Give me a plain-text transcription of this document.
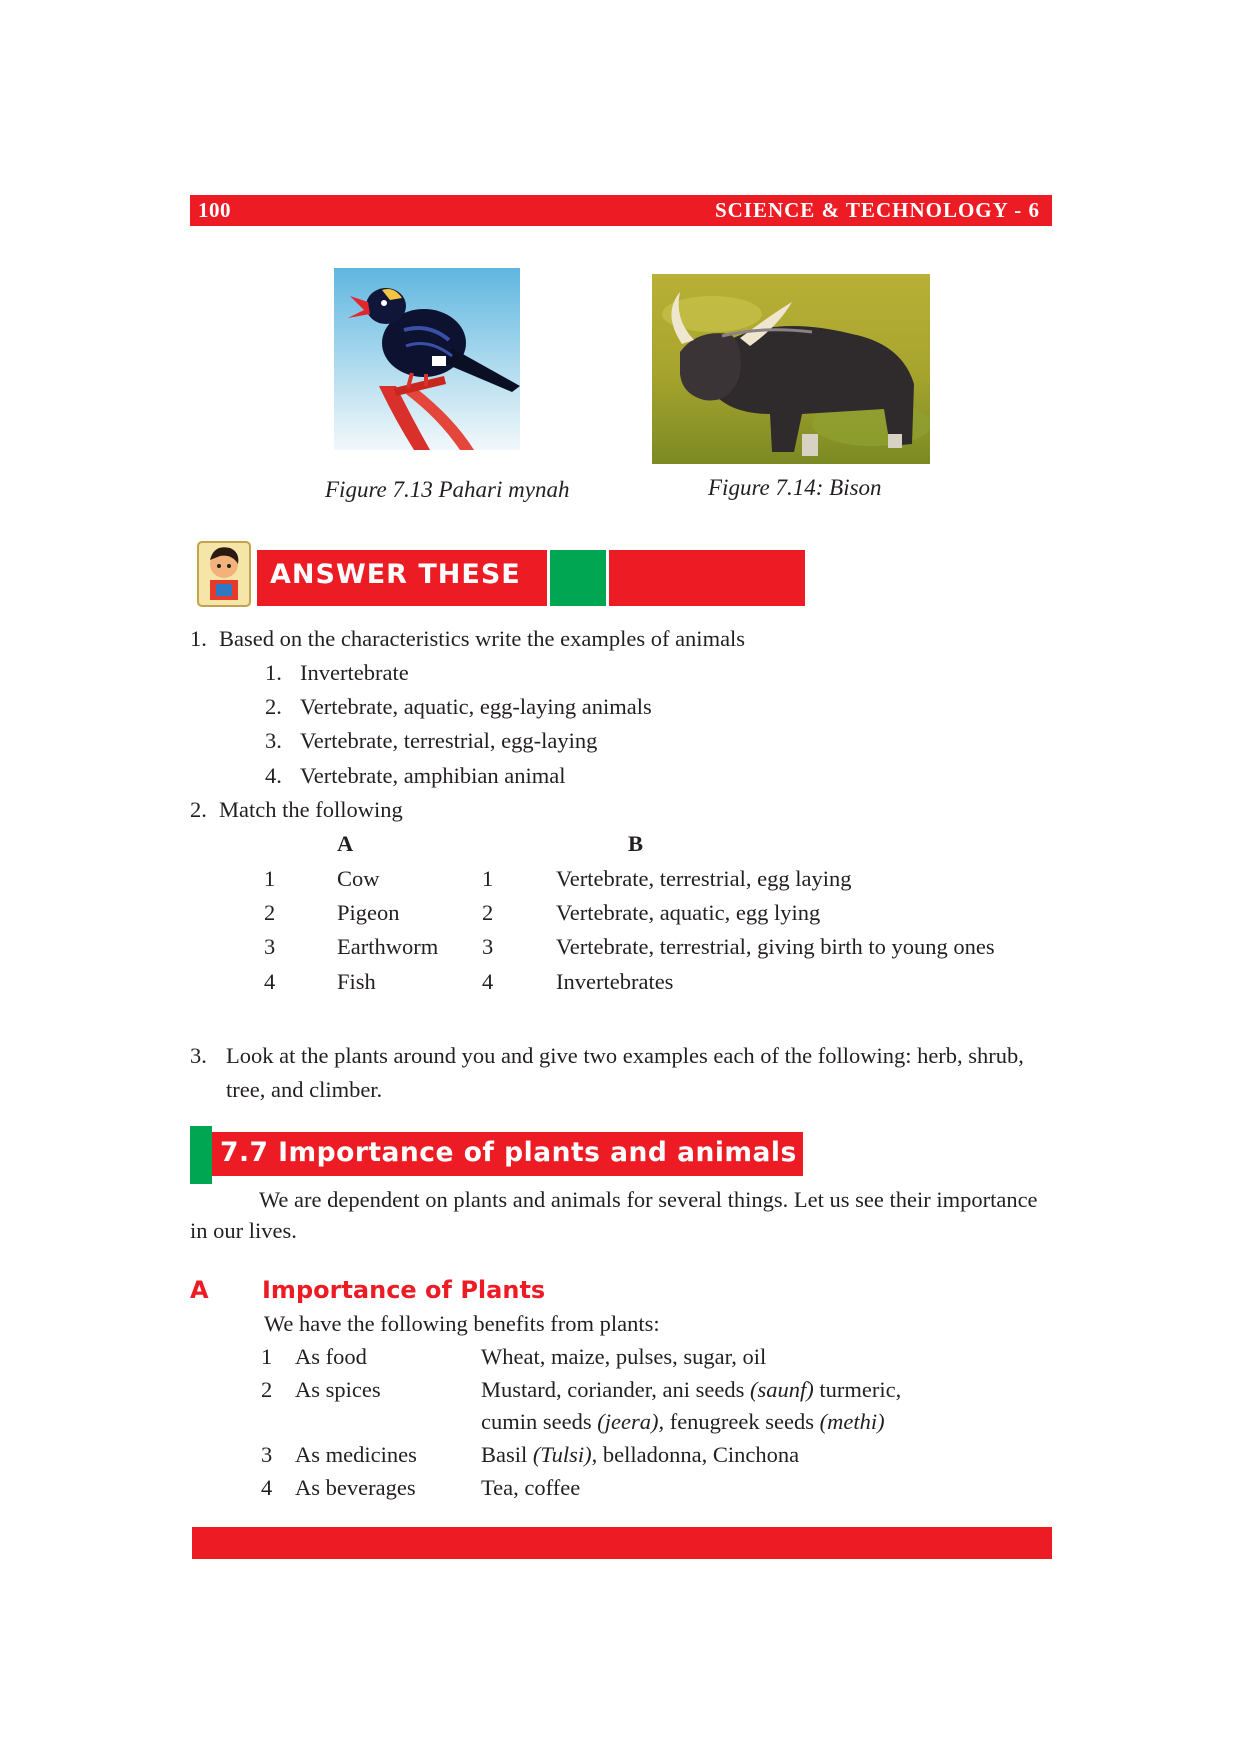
100	SCIENCE & TECHNOLOGY - 6
Figure 7.13 Pahari mynah	Figure 7.14: Bison
ANSWER THESE
1. Based on the characteristics write the examples of animals
1. Invertebrate
2. Vertebrate, aquatic, egg-laying animals
3. Vertebrate, terrestrial, egg-laying
4. Vertebrate, amphibian animal
2. Match the following
A	B
1	Cow	1	Vertebrate, terrestrial, egg laying
2	Pigeon	2	Vertebrate, aquatic, egg lying
3	Earthworm 3	Vertebrate, terrestrial, giving birth to young ones
4	Fish	4	Invertebrates
3. Look at the plants around you and give two examples each of the following: herb, shrub,
tree, and climber.
7.7 Importance of plants and animals
We are dependent on plants and animals for several things. Let us see their importance
in our lives.
A Importance of Plants
We have the following benefits from plants:
1 As food	Wheat, maize, pulses, sugar, oil
2 As spices	Mustard, coriander, ani seeds (saunf) turmeric,
cumin seeds (jeera), fenugreek seeds (methi)
3 As medicines	Basil (Tulsi), belladonna, Cinchona
4 As beverages	Tea, coffee
